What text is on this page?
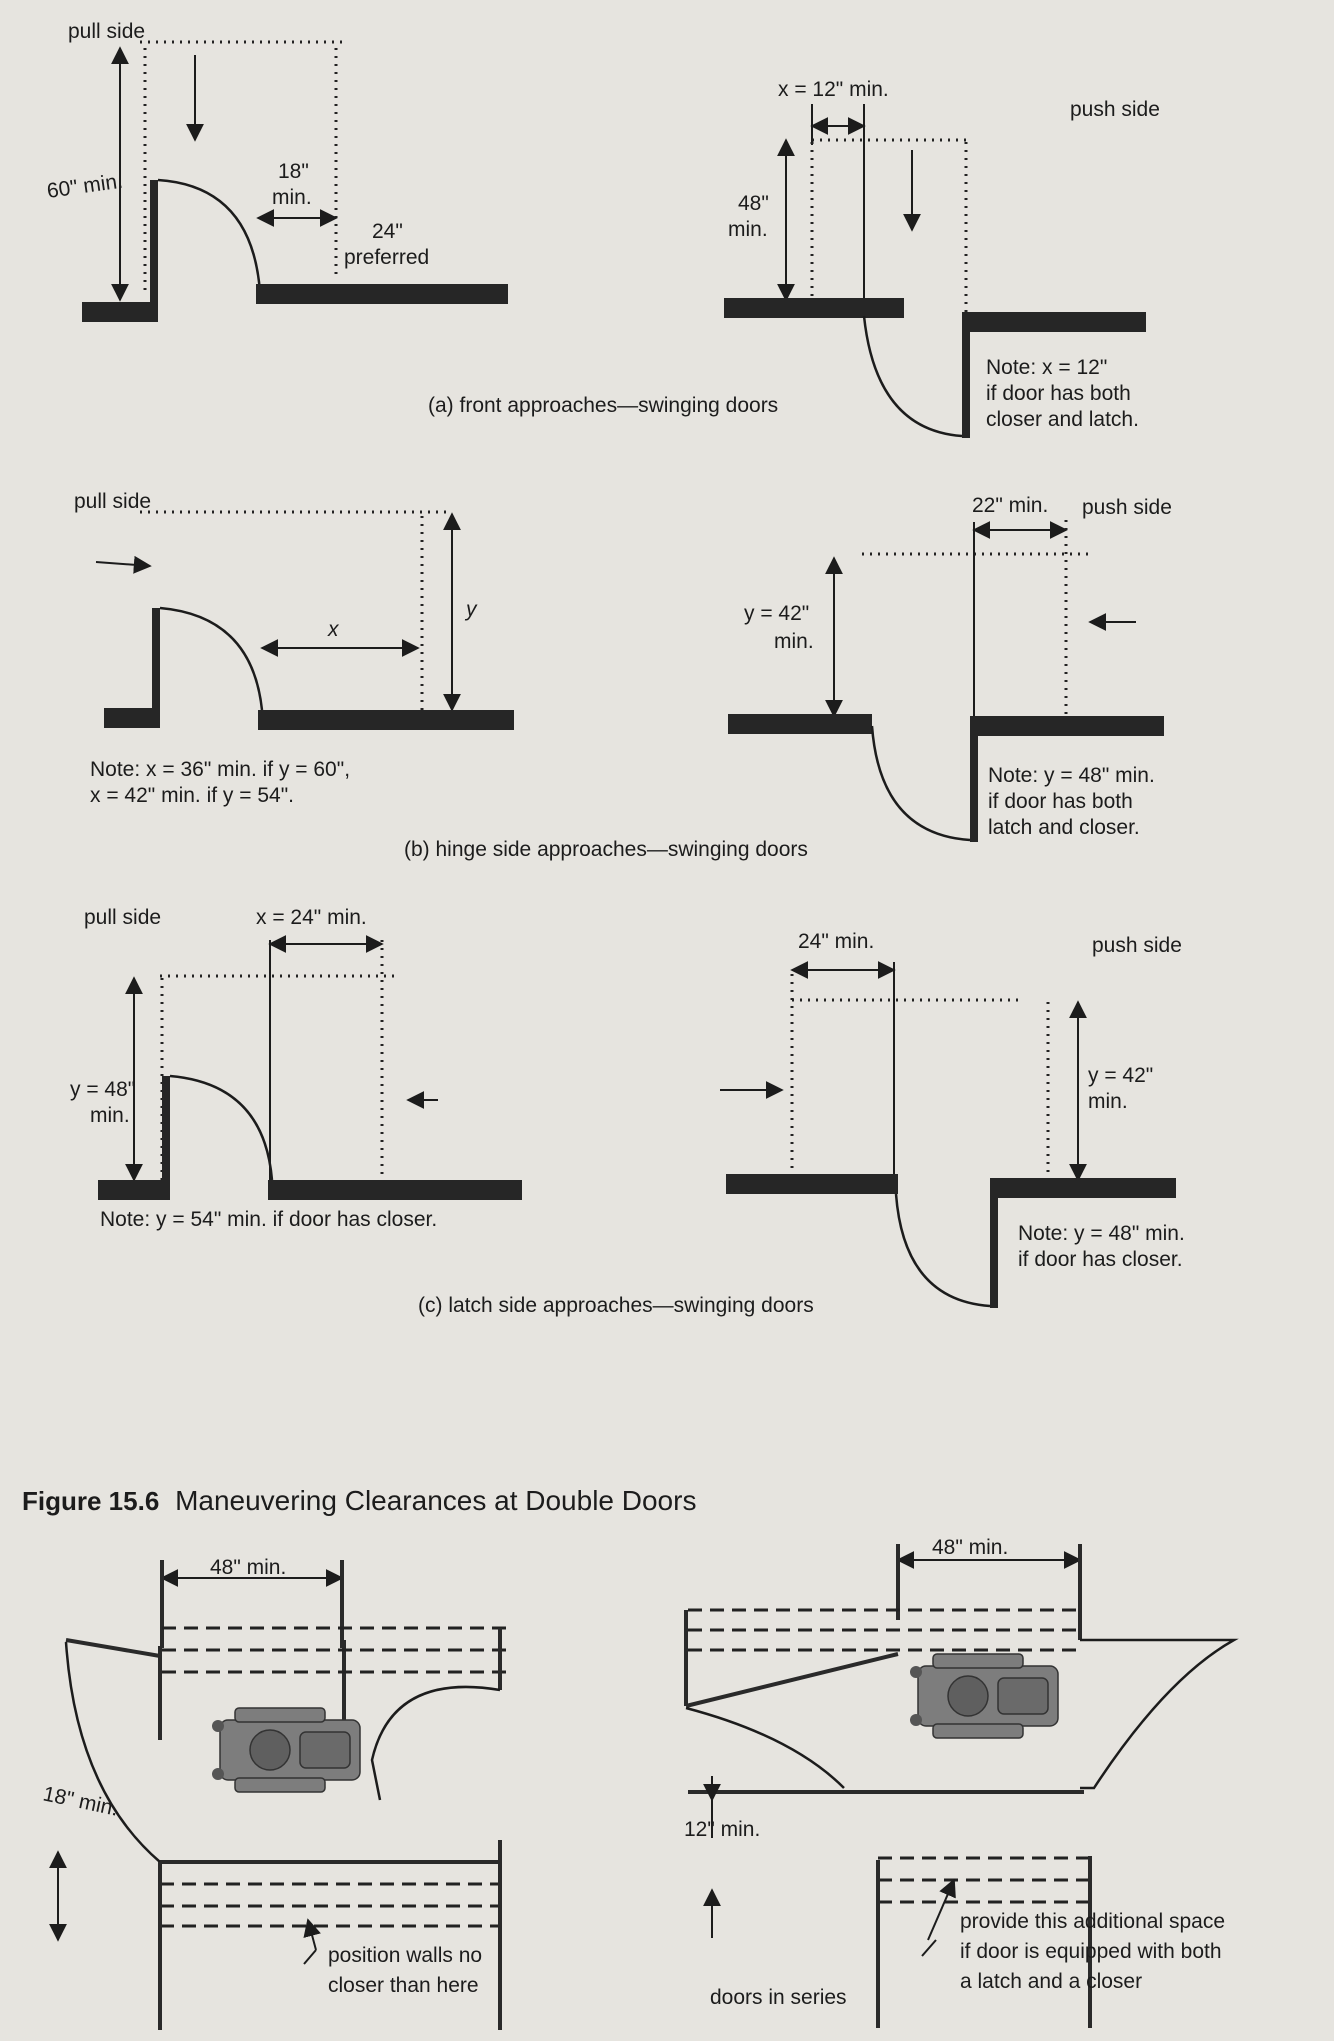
pull side
60" min.	18"
min.
24"
preferred
x = 12" min.
48"
min.
push side
Note: x = 12"
if door has both
closer and latch.
(a) front approaches—swinging doors
pull side
x
y
Note: x = 36" min. if y = 60",
x = 42" min. if y = 54".
22" min. push side
y = 42"
min.
Note: y = 48" min.
if door has both
latch and closer.
(b) hinge side approaches—swinging doors
pull side	x = 24" min.
y = 48"
min.
Note: y = 54" min. if door has closer.
24" min.	push side
y = 42"
min.
Note: y = 48" min.
if door has closer.
(c) latch side approaches—swinging doors
Figure 15.6 Maneuvering Clearances at Double Doors
48" min.
18" min.
position walls no
closer than here
48" min.
12" min.
doors in series
provide this additional space
if door is equipped with both
a latch and a closer
